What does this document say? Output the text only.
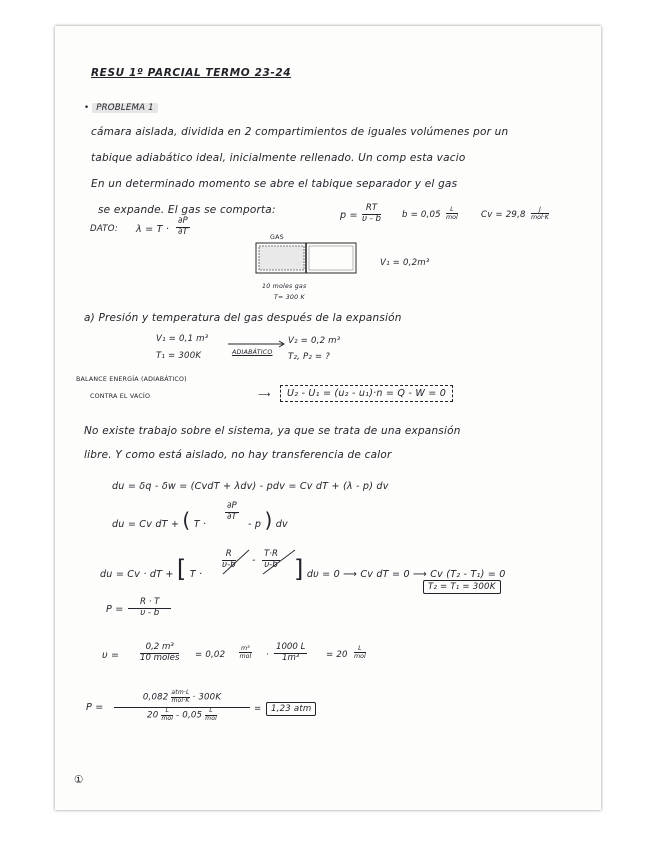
RESU 1º PARCIAL TERMO 23-24
• PROBLEMA 1
cámara aislada, dividida en 2 compartimientos de iguales volúmenes por un
tabique adiabático ideal, inicialmente rellenado. Un comp esta vacio
En un determinado momento se abre el tabique separador y el gas
se expande. El gas se comporta:	$p = \frac{RT}{\upsilon - b}$ b = 0,05
L
mol	Cv = 29,8
J
mol·K
DATO: $\lambda = T \cdot \frac{\partial P}{\partial T}$	GAS
V₁ = 0,2m³
10 moles gas
T= 300 K
a) Presión y temperatura del gas después de la expansión
V₁ = 0,1 m³
T₁ = 300K	ADIABÁTICO
V₂ = 0,2 m³
T₂, P₂ = ?
BALANCE ENERGÍA (ADIABÁTICO)
CONTRA EL VACÍO	⟶	U₂ - U₁ = (u₂ - u₁)·n = Q - W = 0
No existe trabajo sobre el sistema, ya que se trata de una expansión
libre. Y como está aislado, no hay transferencia de calor
du = δq - δw = (CvdT + λdv) - pdv = Cv dT + (λ - p) dv
du = Cv dT + ( T ·
$\frac{\partial P}{\partial T}$
- p ) dv
du = Cv · dT + [ T ·
$\frac{R}{\upsilon-b} - \frac{T\cdot R}{\upsilon-b}$ ] dυ = 0 ⟶ Cv dT = 0 ⟶ Cv (T₂ - T₁) = 0
T₂ = T₁ = 300K
$P = \frac{R \cdot T}{\upsilon - b}$
υ =
0,2 m³
10 moles = 0,02
m³
mol · $\frac{1000 L}{\text{1m³}} = 20$
L
mol
P =
0,082
atm·L
mol·K · 300K
20
L
mol - 0,05
L
mol
=	1,23 atm
①
